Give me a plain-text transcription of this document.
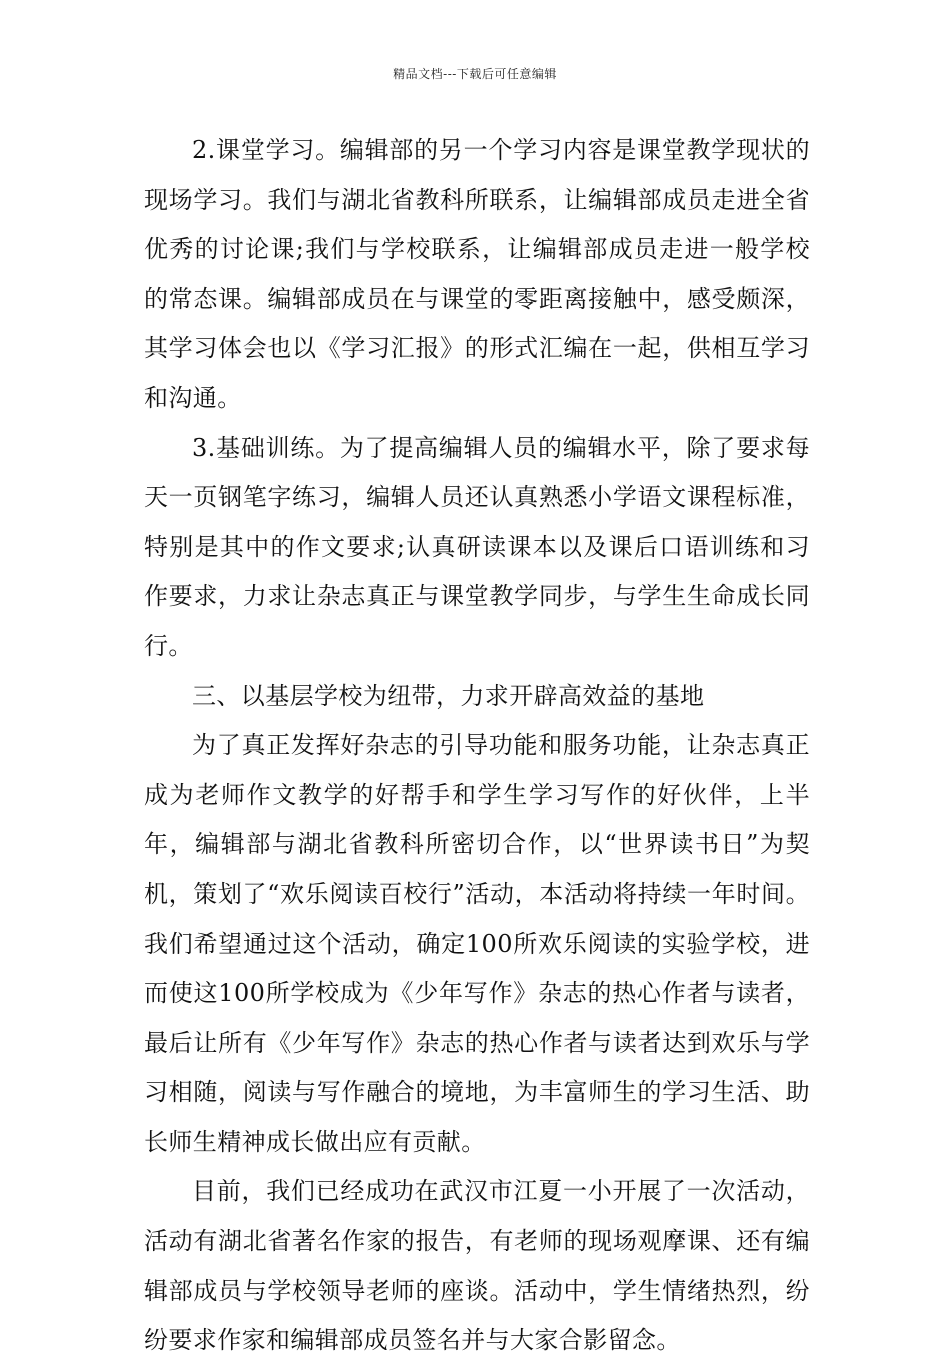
精品文档---下载后可任意编辑

2.课堂学习。编辑部的另一个学习内容是课堂教学现状的现场学习。我们与湖北省教科所联系，让编辑部成员走进全省优秀的讨论课;我们与学校联系，让编辑部成员走进一般学校的常态课。编辑部成员在与课堂的零距离接触中，感受颇深，其学习体会也以《学习汇报》的形式汇编在一起，供相互学习和沟通。

3.基础训练。为了提高编辑人员的编辑水平，除了要求每天一页钢笔字练习，编辑人员还认真熟悉小学语文课程标准，特别是其中的作文要求;认真研读课本以及课后口语训练和习作要求，力求让杂志真正与课堂教学同步，与学生生命成长同行。

三、以基层学校为纽带，力求开辟高效益的基地

为了真正发挥好杂志的引导功能和服务功能，让杂志真正成为老师作文教学的好帮手和学生学习写作的好伙伴，上半年，编辑部与湖北省教科所密切合作，以“世界读书日”为契机，策划了“欢乐阅读百校行”活动，本活动将持续一年时间。我们希望通过这个活动，确定100所欢乐阅读的实验学校，进而使这100所学校成为《少年写作》杂志的热心作者与读者，最后让所有《少年写作》杂志的热心作者与读者达到欢乐与学习相随，阅读与写作融合的境地，为丰富师生的学习生活、助长师生精神成长做出应有贡献。

目前，我们已经成功在武汉市江夏一小开展了一次活动，活动有湖北省著名作家的报告，有老师的现场观摩课、还有编辑部成员与学校领导老师的座谈。活动中，学生情绪热烈，纷纷要求作家和编辑部成员签名并与大家合影留念。
